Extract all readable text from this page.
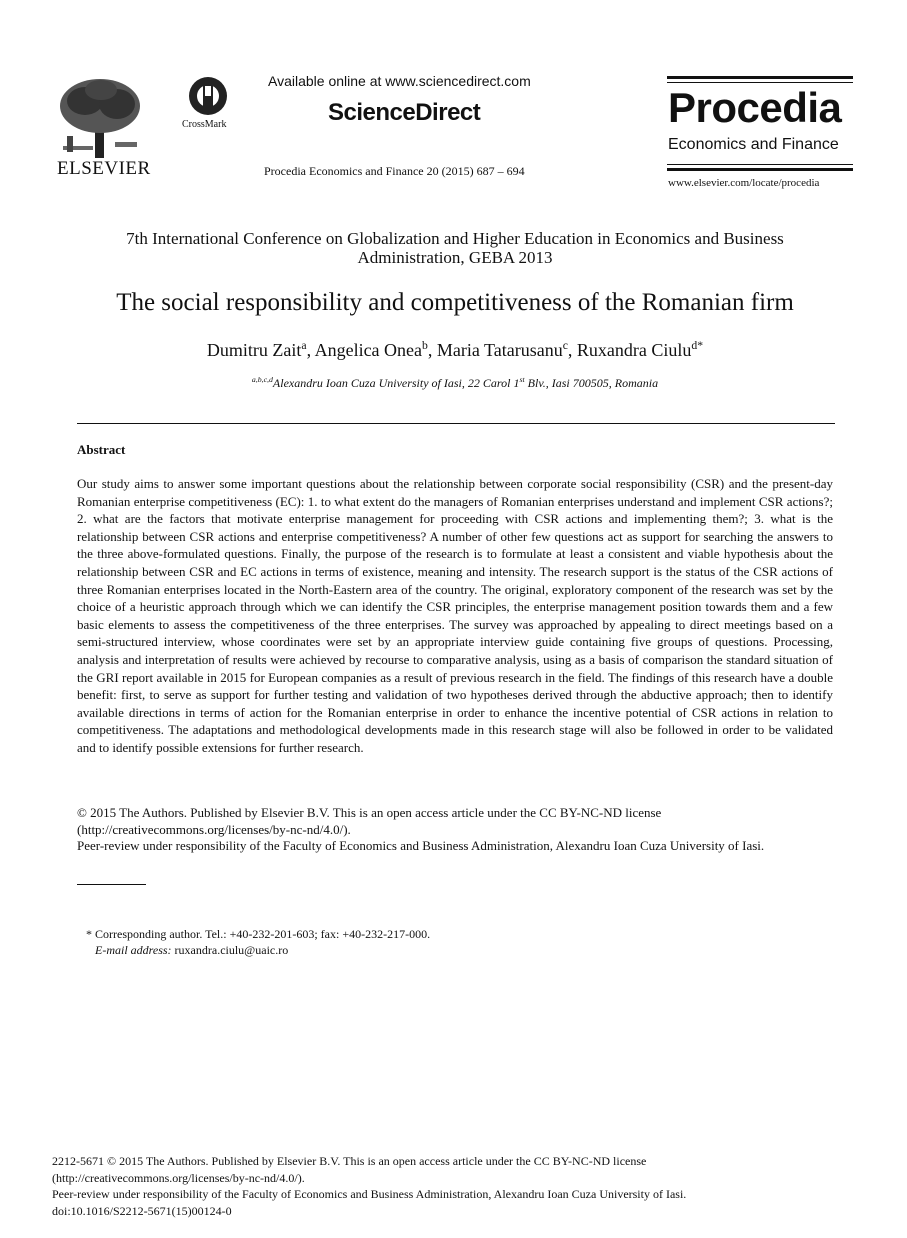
ELSEVIER
CrossMark
Available online at www.sciencedirect.com
ScienceDirect
Procedia Economics and Finance 20 (2015) 687 – 694
Procedia
Economics and Finance
www.elsevier.com/locate/procedia
7th International Conference on Globalization and Higher Education in Economics and Business
Administration, GEBA 2013
The social responsibility and competitiveness of the Romanian firm
Dumitru Zait$^a$, Angelica Onea$^b$, Maria Tatarusanu$^c$, Ruxandra Ciulu$^{d*}$
$^{a,b,c,d}$Alexandru Ioan Cuza University of Iasi, 22 Carol 1st Blv., Iasi 700505, Romania
Abstract
Our study aims to answer some important questions about the relationship between corporate social responsibility (CSR) and the present-day Romanian enterprise competitiveness (EC): 1. to what extent do the managers of Romanian enterprises understand and implement CSR actions?; 2. what are the factors that motivate enterprise management for proceeding with CSR actions and implementing them?; 3. what is the relationship between CSR actions and enterprise competitiveness? A number of other few questions act as support for searching the answers to the three above-formulated questions. Finally, the purpose of the research is to formulate at least a consistent and viable hypothesis about the relationship between CSR and EC actions in terms of existence, meaning and intensity. The research support is the status of the CSR actions of three Romanian enterprises located in the North-Eastern area of the country. The original, exploratory component of the research was set by the choice of a heuristic approach through which we can identify the CSR principles, the enterprise management position towards them and a few basic elements to assess the competitiveness of the three enterprises. The survey was approached by appealing to direct meetings based on a semi-structured interview, whose coordinates were set by an appropriate interview guide containing five groups of questions. Processing, analysis and interpretation of results were achieved by recourse to comparative analysis, using as a basis of comparison the standard situation of the GRI report available in 2015 for European companies as a result of previous research in the field. The findings of this research have a double benefit: first, to serve as support for further testing and validation of two hypotheses derived through the abductive approach; then to identify available directions in terms of action for the Romanian enterprise in order to enhance the incentive potential of CSR actions in relation to competitiveness. The adaptations and methodological developments made in this research stage will also be followed in order to be validated and to identify possible extensions for further research.

© 2015 The Authors. Published by Elsevier B.V. This is an open access article under the CC BY-NC-ND license

(http://creativecommons.org/licenses/by-nc-nd/4.0/).

Peer-review under responsibility of the Faculty of Economics and Business Administration, Alexandru Ioan Cuza University of Iasi.

* Corresponding author. Tel.: +40-232-201-603; fax: +40-232-217-000.
E-mail address: ruxandra.ciulu@uaic.ro

2212-5671 © 2015 The Authors. Published by Elsevier B.V. This is an open access article under the CC BY-NC-ND license

(http://creativecommons.org/licenses/by-nc-nd/4.0/).

Peer-review under responsibility of the Faculty of Economics and Business Administration, Alexandru Ioan Cuza University of Iasi.

doi:10.1016/S2212-5671(15)00124-0
